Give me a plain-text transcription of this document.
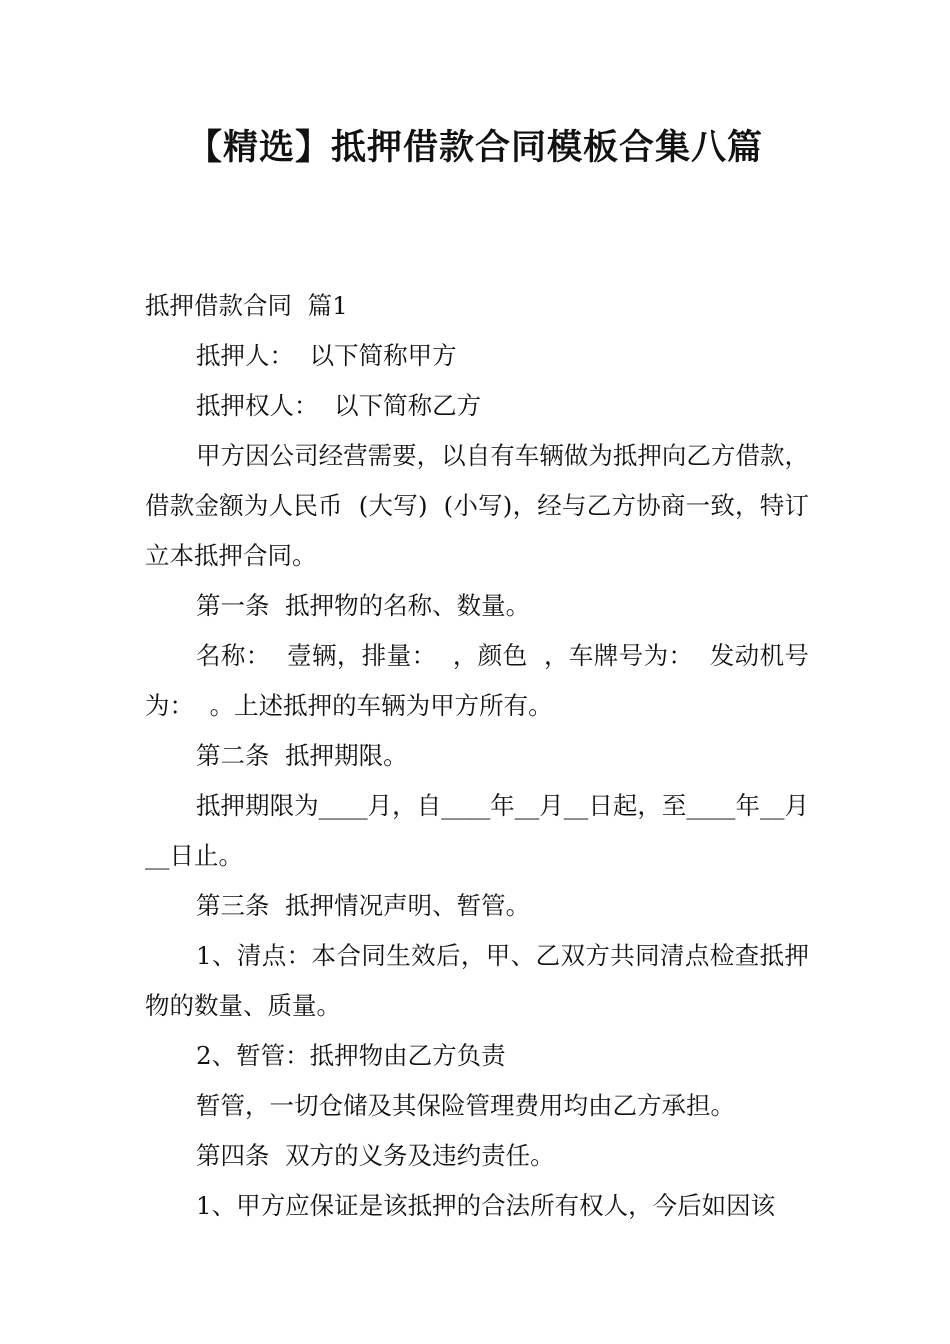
【精选】抵押借款合同模板合集八篇

抵押借款合同  篇1

抵押人：  以下简称甲方

抵押权人：  以下简称乙方

甲方因公司经营需要，以自有车辆做为抵押向乙方借款，借款金额为人民币  (大写)  (小写)，经与乙方协商一致，特订立本抵押合同。

第一条  抵押物的名称、数量。

名称：  壹辆，排量：  ，颜色  ，车牌号为：  发动机号为：  。上述抵押的车辆为甲方所有。

第二条  抵押期限。

抵押期限为____月，自____年__月__日起，至____年__月__日止。

第三条  抵押情况声明、暂管。

1、清点：本合同生效后，甲、乙双方共同清点检查抵押物的数量、质量。

2、暂管：抵押物由乙方负责

暂管，一切仓储及其保险管理费用均由乙方承担。

第四条  双方的义务及违约责任。

1、甲方应保证是该抵押的合法所有权人，今后如因该
